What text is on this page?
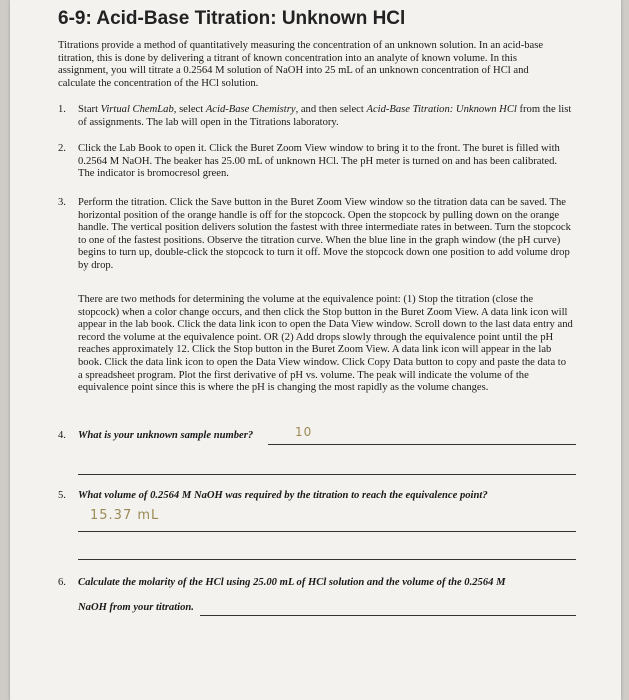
6-9: Acid-Base Titration: Unknown HCl

Titrations provide a method of quantitatively measuring the concentration of an unknown solution. In an acid-base titration, this is done by delivering a titrant of known concentration into an analyte of known volume. In this assignment, you will titrate a 0.2564 M solution of NaOH into 25 mL of an unknown concentration of HCl and calculate the concentration of the HCl solution.

1. Start Virtual ChemLab, select Acid-Base Chemistry, and then select Acid-Base Titration: Unknown HCl from the list of assignments. The lab will open in the Titrations laboratory.
2. Click the Lab Book to open it. Click the Buret Zoom View window to bring it to the front. The buret is filled with 0.2564 M NaOH. The beaker has 25.00 mL of unknown HCl. The pH meter is turned on and has been calibrated. The indicator is bromocresol green.
3. Perform the titration. Click the Save button in the Buret Zoom View window so the titration data can be saved. The horizontal position of the orange handle is off for the stopcock. Open the stopcock by pulling down on the orange handle. The vertical position delivers solution the fastest with three intermediate rates in between. Turn the stopcock to one of the fastest positions. Observe the titration curve. When the blue line in the graph window (the pH curve) begins to turn up, double-click the stopcock to turn it off. Move the stopcock down one position to add volume drop by drop.

There are two methods for determining the volume at the equivalence point: (1) Stop the titration (close the stopcock) when a color change occurs, and then click the Stop button in the Buret Zoom View. A data link icon will appear in the lab book. Click the data link icon to open the Data View window. Scroll down to the last data entry and record the volume at the equivalence point. OR (2) Add drops slowly through the equivalence point until the pH reaches approximately 12. Click the Stop button in the Buret Zoom View. A data link icon will appear in the lab book. Click the data link icon to open the Data View window. Click Copy Data button to copy and paste the data to a spreadsheet program. Plot the first derivative of pH vs. volume. The peak will indicate the volume of the equivalence point since this is where the pH is changing the most rapidly as the volume changes.

4. What is your unknown sample number?	10
5. What volume of 0.2564 M NaOH was required by the titration to reach the equivalence point?
15.37 mL
6. Calculate the molarity of the HCl using 25.00 mL of HCl solution and the volume of the 0.2564 M
NaOH from your titration.
